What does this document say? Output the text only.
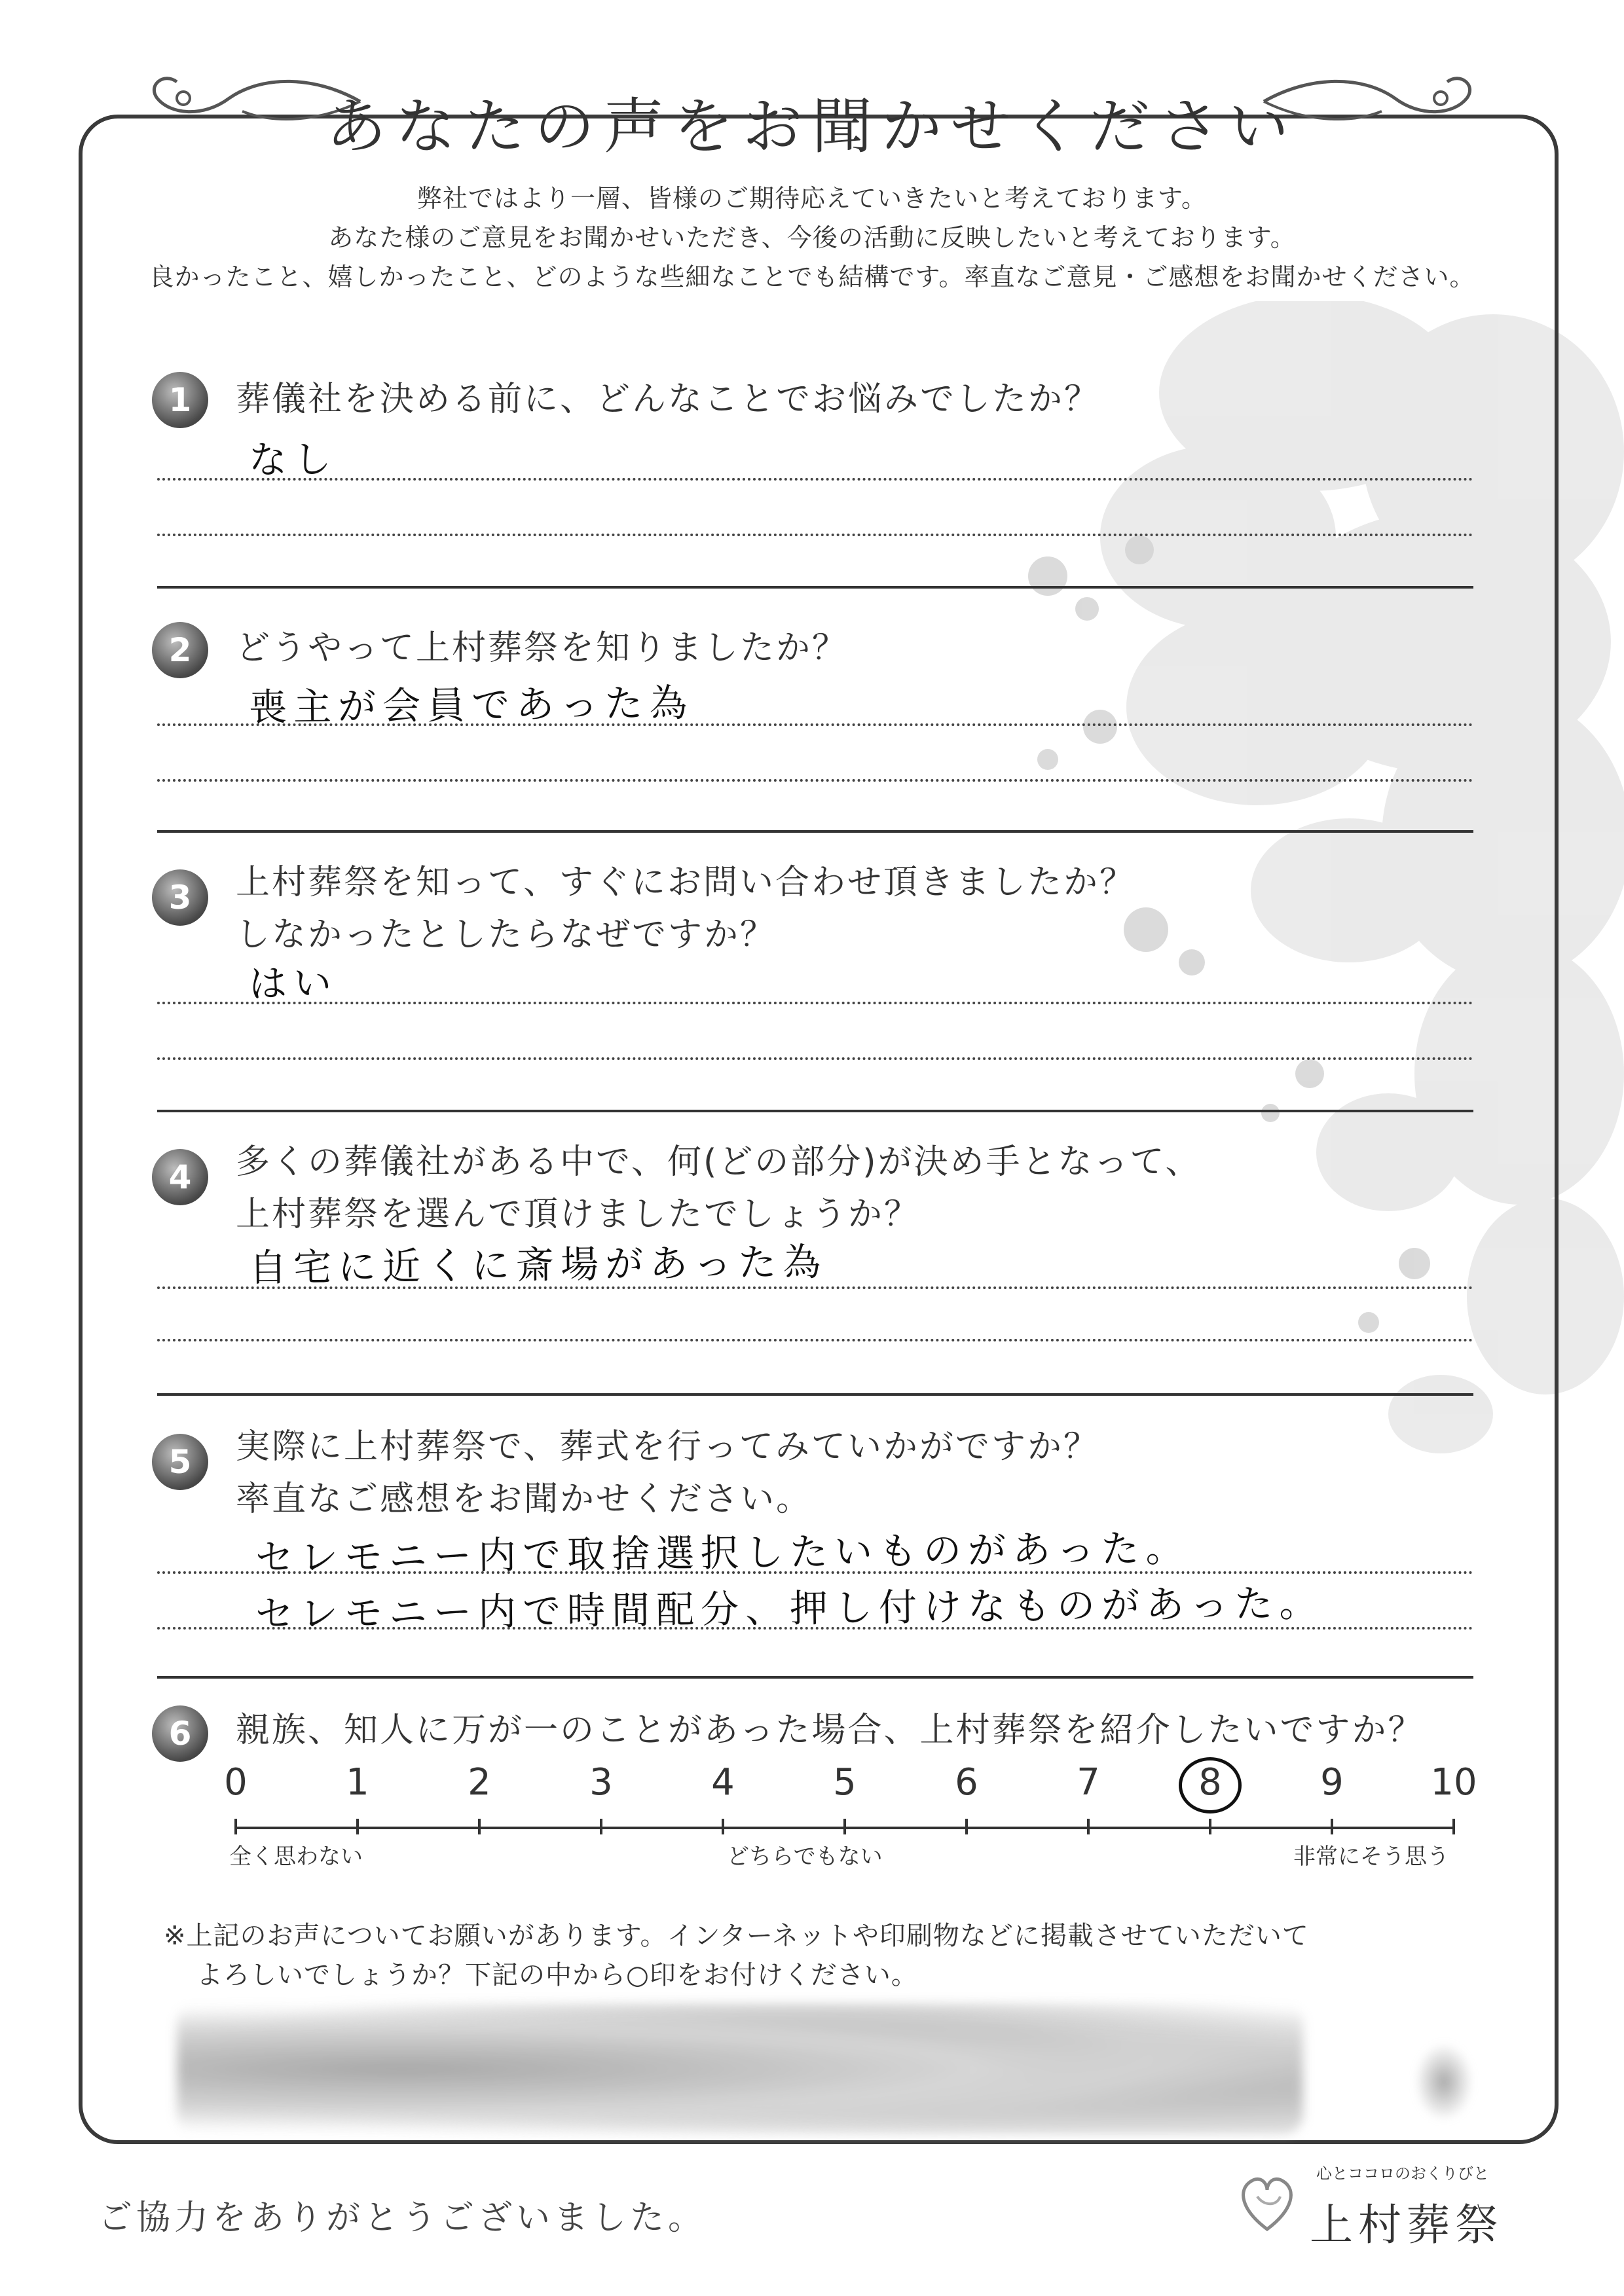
あなたの声をお聞かせください
弊社ではより一層、皆様のご期待応えていきたいと考えております。
あなた様のご意見をお聞かせいただき、今後の活動に反映したいと考えております。
良かったこと、嬉しかったこと、どのような些細なことでも結構です。率直なご意見・ご感想をお聞かせください。
1	葬儀社を決める前に、どんなことでお悩みでしたか？
なし
2	どうやって上村葬祭を知りましたか？
喪主が会員であった為
3	上村葬祭を知って、すぐにお問い合わせ頂きましたか？
しなかったとしたらなぜですか？
はい
4	多くの葬儀社がある中で、何(どの部分)が決め手となって、
上村葬祭を選んで頂けましたでしょうか？
自宅に近くに斎場があった為
5	実際に上村葬祭で、葬式を行ってみていかがですか？
率直なご感想をお聞かせください。
セレモニー内で取捨選択したいものがあった。
セレモニー内で時間配分、押し付けなものがあった。
6	親族、知人に万が一のことがあった場合、上村葬祭を紹介したいですか？
0	1	2	3	4	5	6	7	8	9	10
全く思わない	どちらでもない	非常にそう思う
※上記のお声についてお願いがあります。インターネットや印刷物などに掲載させていただいて
よろしいでしょうか？下記の中から○印をお付けください。
ご協力をありがとうございました。
心とココロのおくりびと
上村葬祭
